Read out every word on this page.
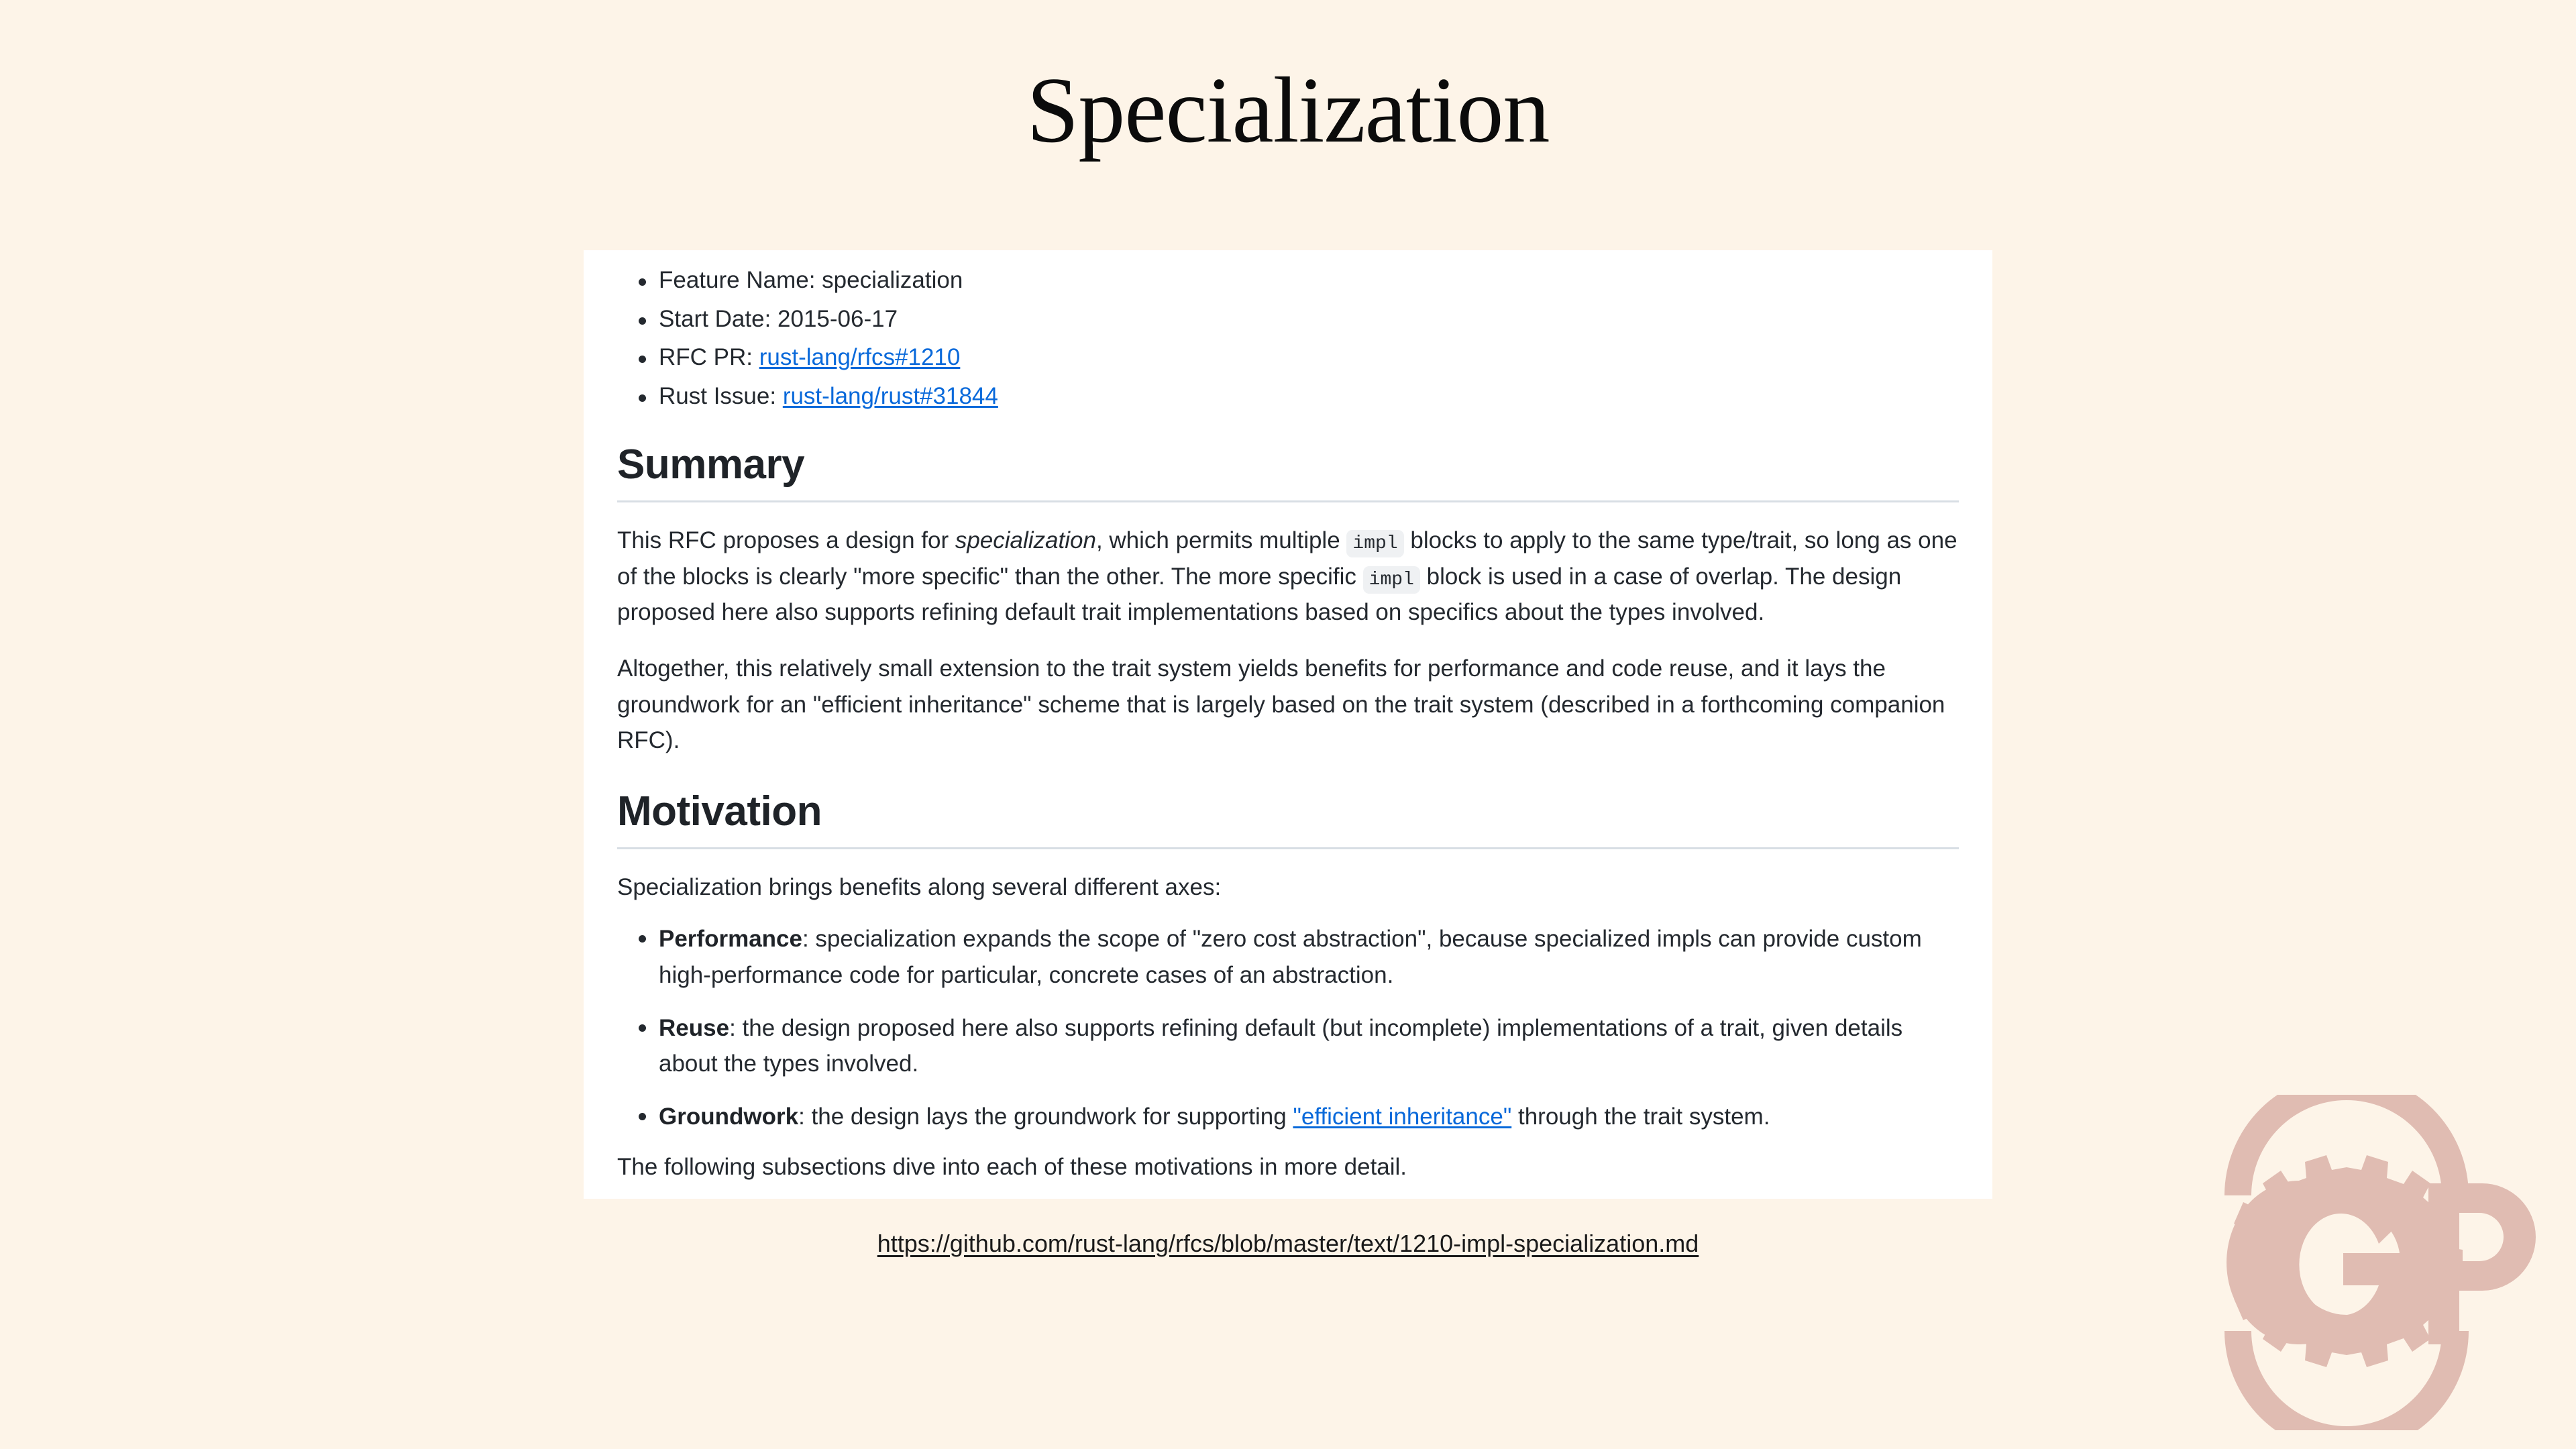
Specialization
Feature Name: specialization
Start Date: 2015-06-17
RFC PR: rust-lang/rfcs#1210
Rust Issue: rust-lang/rust#31844
Summary

This RFC proposes a design for specialization, which permits multiple impl blocks to apply to the same type/trait, so long as one of the blocks is clearly "more specific" than the other. The more specific impl block is used in a case of overlap. The design proposed here also supports refining default trait implementations based on specifics about the types involved.

Altogether, this relatively small extension to the trait system yields benefits for performance and code reuse, and it lays the groundwork for an "efficient inheritance" scheme that is largely based on the trait system (described in a forthcoming companion RFC).

Motivation

Specialization brings benefits along several different axes:

Performance: specialization expands the scope of "zero cost abstraction", because specialized impls can provide custom high-performance code for particular, concrete cases of an abstraction.
Reuse: the design proposed here also supports refining default (but incomplete) implementations of a trait, given details about the types involved.
Groundwork: the design lays the groundwork for supporting "efficient inheritance" through the trait system.

The following subsections dive into each of these motivations in more detail.

https://github.com/rust-lang/rfcs/blob/master/text/1210-impl-specialization.md
